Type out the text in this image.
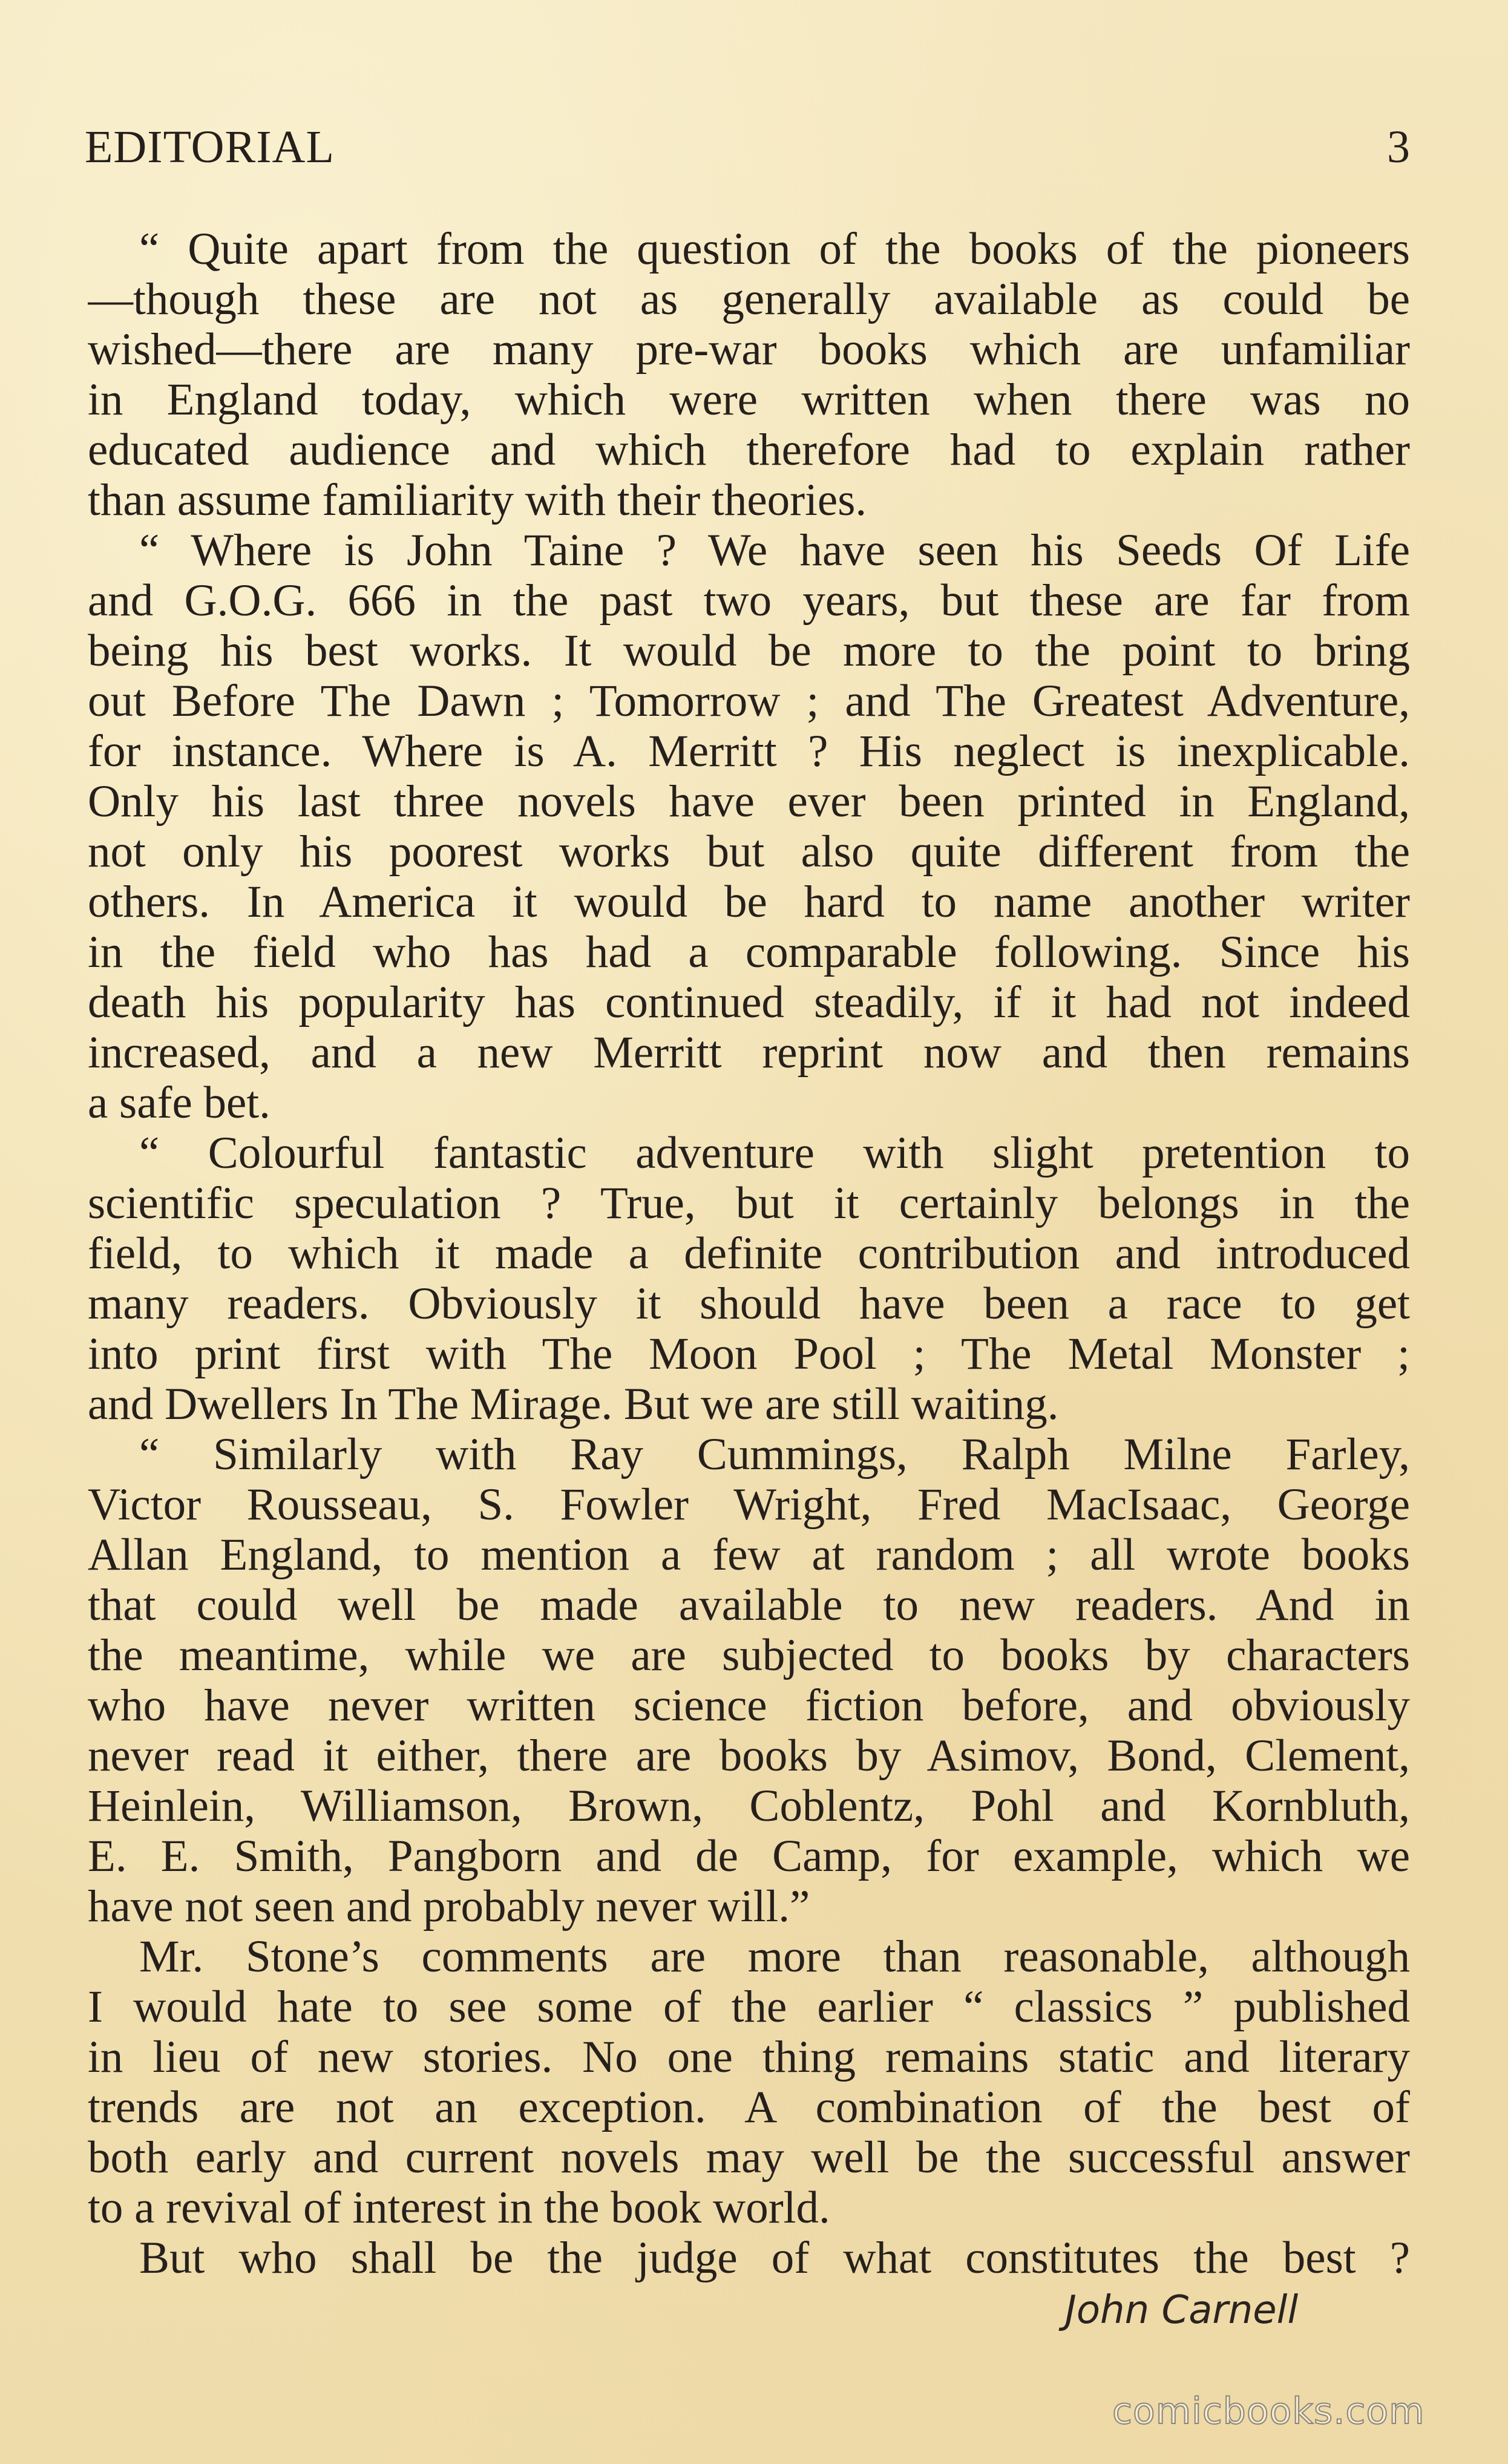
EDITORIAL	3
“ Quite apart from the question of the books of the pioneers
—though these are not as generally available as could be
wished—there are many pre-war books which are unfamiliar
in England today, which were written when there was no
educated audience and which therefore had to explain rather
than assume familiarity with their theories.
“ Where is John Taine ? We have seen his Seeds Of Life
and G.O.G. 666 in the past two years, but these are far from
being his best works. It would be more to the point to bring
out Before The Dawn ; Tomorrow ; and The Greatest Adventure,
for instance. Where is A. Merritt ? His neglect is inexplicable.
Only his last three novels have ever been printed in England,
not only his poorest works but also quite different from the
others. In America it would be hard to name another writer
in the field who has had a comparable following. Since his
death his popularity has continued steadily, if it had not indeed
increased, and a new Merritt reprint now and then remains
a safe bet.
“ Colourful fantastic adventure with slight pretention to
scientific speculation ? True, but it certainly belongs in the
field, to which it made a definite contribution and introduced
many readers. Obviously it should have been a race to get
into print first with The Moon Pool ; The Metal Monster ;
and Dwellers In The Mirage. But we are still waiting.
“ Similarly with Ray Cummings, Ralph Milne Farley,
Victor Rousseau, S. Fowler Wright, Fred MacIsaac, George
Allan England, to mention a few at random ; all wrote books
that could well be made available to new readers. And in
the meantime, while we are subjected to books by characters
who have never written science fiction before, and obviously
never read it either, there are books by Asimov, Bond, Clement,
Heinlein, Williamson, Brown, Coblentz, Pohl and Kornbluth,
E. E. Smith, Pangborn and de Camp, for example, which we
have not seen and probably never will.”
Mr. Stone’s comments are more than reasonable, although
I would hate to see some of the earlier “ classics ” published
in lieu of new stories. No one thing remains static and literary
trends are not an exception. A combination of the best of
both early and current novels may well be the successful answer
to a revival of interest in the book world.
But who shall be the judge of what constitutes the best ?
John Carnell
comicbooks.com
